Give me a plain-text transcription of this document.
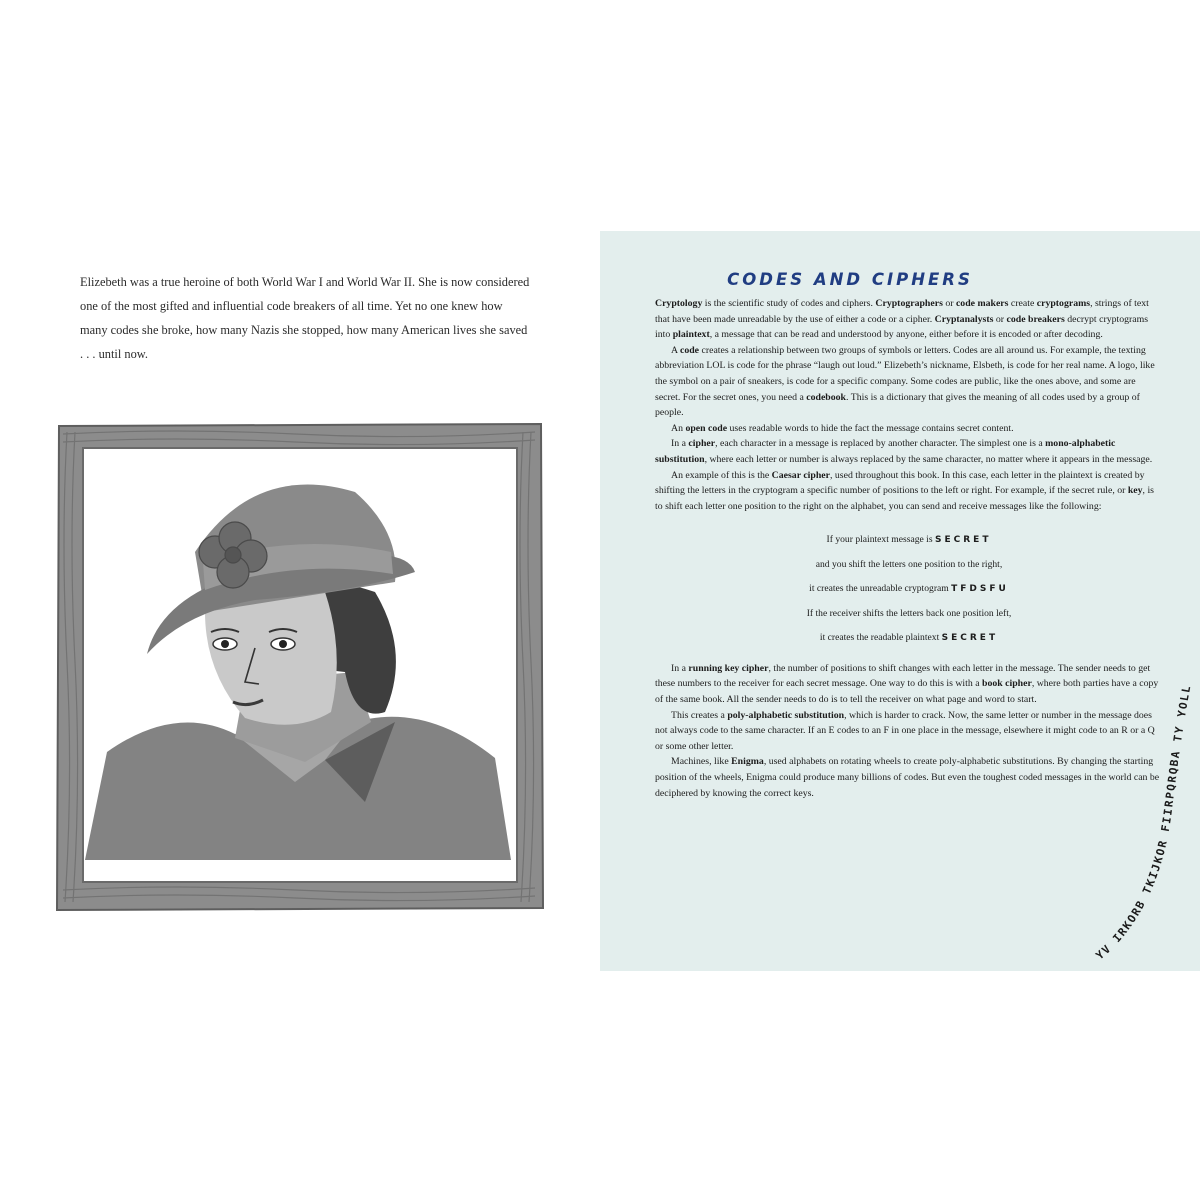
Elizebeth was a true heroine of both World War I and World War II. She is now considered one of the most gifted and influential code breakers of all time. Yet no one knew how many codes she broke, how many Nazis she stopped, how many American lives she saved . . . until now.
CODES AND CIPHERS

Cryptology is the scientific study of codes and ciphers. Cryptographers or code makers create cryptograms, strings of text that have been made unreadable by the use of either a code or a cipher. Cryptanalysts or code breakers decrypt cryptograms into plaintext, a message that can be read and understood by anyone, either before it is encoded or after decoding.

A code creates a relationship between two groups of symbols or letters. Codes are all around us. For example, the texting abbreviation LOL is code for the phrase “laugh out loud.” Elizebeth’s nickname, Elsbeth, is code for her real name. A logo, like the symbol on a pair of sneakers, is code for a specific company. Some codes are public, like the ones above, and some are secret. For the secret ones, you need a codebook. This is a dictionary that gives the meaning of all codes used by a group of people.

An open code uses readable words to hide the fact the message contains secret content.

In a cipher, each character in a message is replaced by another character. The simplest one is a mono-alphabetic substitution, where each letter or number is always replaced by the same character, no matter where it appears in the message.

An example of this is the Caesar cipher, used throughout this book. In this case, each letter in the plaintext is created by shifting the letters in the cryptogram a specific number of positions to the left or right. For example, if the secret rule, or key, is to shift each letter one position to the right on the alphabet, you can send and receive messages like the following:

If your plaintext message is SECRET
and you shift the letters one position to the right,
it creates the unreadable cryptogram TFDSFU
If the receiver shifts the letters back one position left,
it creates the readable plaintext SECRET

In a running key cipher, the number of positions to shift changes with each letter in the message. The sender needs to get these numbers to the receiver for each secret message. One way to do this is with a book cipher, where both parties have a copy of the same book. All the sender needs to do is to tell the receiver on what page and word to start.

This creates a poly-alphabetic substitution, which is harder to crack. Now, the same letter or number in the message does not always code to the same character. If an E codes to an F in one place in the message, elsewhere it might code to an R or a Q or some other letter.

Machines, like Enigma, used alphabets on rotating wheels to create poly-alphabetic substitutions. By changing the starting position of the wheels, Enigma could produce many billions of codes. But even the toughest coded messages in the world can be deciphered by knowing the correct keys.

YV IRKORB TKIJKOR FIIRPQRQBA TY YOLL
